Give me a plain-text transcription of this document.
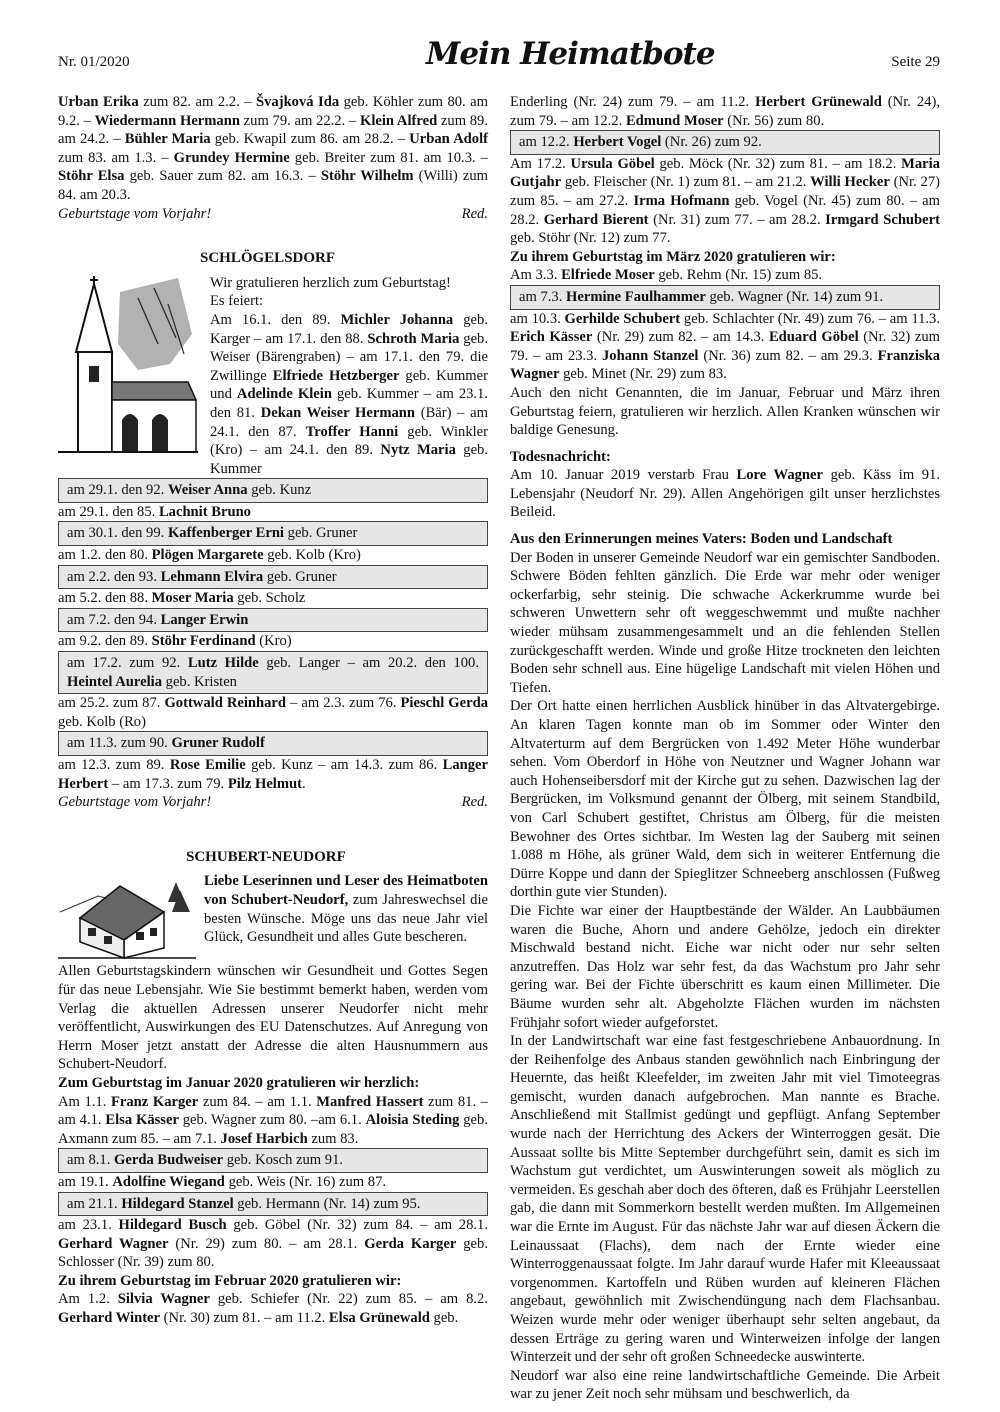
Nr. 01/2020	Mein Heimatbote	Seite 29

Urban Erika zum 82. am 2.2. – Švajková Ida geb. Köhler zum 80. am 9.2. – Wiedermann Hermann zum 79. am 22.2. – Klein Alfred zum 89. am 24.2. – Bühler Maria geb. Kwapil zum 86. am 28.2. – Urban Adolf zum 83. am 1.3. – Grundey Hermine geb. Breiter zum 81. am 10.3. – Stöhr Elsa geb. Sauer zum 82. am 16.3. – Stöhr Wilhelm (Willi) zum 84. am 20.3.

Geburtstage vom Vorjahr!	Red.
SCHLÖGELSDORF

Wir gratulieren herzlich zum Geburtstag!

Es feiert:

Am 16.1. den 89. Michler Johanna geb. Karger – am 17.1. den 88. Schroth Maria geb. Weiser (Bärengraben) – am 17.1. den 79. die Zwillinge Elfriede Hetzberger geb. Kummer und Adelinde Klein geb. Kummer – am 23.1. den 81. Dekan Weiser Hermann (Bär) – am 24.1. den 87. Troffer Hanni geb. Winkler (Kro) – am 24.1. den 89. Nytz Maria geb. Kummer

am 29.1. den 92. Weiser Anna geb. Kunz

am 29.1. den 85. Lachnit Bruno

am 30.1. den 99. Kaffenberger Erni geb. Gruner

am 1.2. den 80. Plögen Margarete geb. Kolb (Kro)

am 2.2. den 93. Lehmann Elvira geb. Gruner

am 5.2. den 88. Moser Maria geb. Scholz

am 7.2. den 94. Langer Erwin

am 9.2. den 89. Stöhr Ferdinand (Kro)

am 17.2. zum 92. Lutz Hilde geb. Langer – am 20.2. den 100. Heintel Aurelia geb. Kristen

am 25.2. zum 87. Gottwald Reinhard – am 2.3. zum 76. Pieschl Gerda geb. Kolb (Ro)

am 11.3. zum 90. Gruner Rudolf

am 12.3. zum 89. Rose Emilie geb. Kunz – am 14.3. zum 86. Langer Herbert – am 17.3. zum 79. Pilz Helmut.

Geburtstage vom Vorjahr!	Red.
SCHUBERT-NEUDORF

Liebe Leserinnen und Leser des Heimatboten von Schubert-Neudorf, zum Jahreswechsel die besten Wünsche. Möge uns das neue Jahr viel Glück, Gesundheit und alles Gute bescheren.

Allen Geburtstagskindern wünschen wir Gesundheit und Gottes Segen für das neue Lebensjahr. Wie Sie bestimmt bemerkt haben, werden vom Verlag die aktuellen Adressen unserer Neudorfer nicht mehr veröffentlicht, Auswirkungen des EU Datenschutzes. Auf Anregung von Herrn Moser jetzt anstatt der Adresse die alten Hausnummern aus Schubert-Neudorf.

Zum Geburtstag im Januar 2020 gratulieren wir herzlich:

Am 1.1. Franz Karger zum 84. – am 1.1. Manfred Hassert zum 81. – am 4.1. Elsa Kässer geb. Wagner zum 80. –am 6.1. Aloisia Steding geb. Axmann zum 85. – am 7.1. Josef Harbich zum 83.

am 8.1. Gerda Budweiser geb. Kosch zum 91.

am 19.1. Adolfine Wiegand geb. Weis (Nr. 16) zum 87.

am 21.1. Hildegard Stanzel geb. Hermann (Nr. 14) zum 95.

am 23.1. Hildegard Busch geb. Göbel (Nr. 32) zum 84. – am 28.1. Gerhard Wagner (Nr. 29) zum 80. – am 28.1. Gerda Karger geb. Schlosser (Nr. 39) zum 80.

Zu ihrem Geburtstag im Februar 2020 gratulieren wir:

Am 1.2. Silvia Wagner geb. Schiefer (Nr. 22) zum 85. – am 8.2. Gerhard Winter (Nr. 30) zum 81. – am 11.2. Elsa Grünewald geb.

Enderling (Nr. 24) zum 79. – am 11.2. Herbert Grünewald (Nr. 24), zum 79. – am 12.2. Edmund Moser (Nr. 56) zum 80.

am 12.2. Herbert Vogel (Nr. 26) zum 92.

Am 17.2. Ursula Göbel geb. Möck (Nr. 32) zum 81. – am 18.2. Maria Gutjahr geb. Fleischer (Nr. 1) zum 81. – am 21.2. Willi Hecker (Nr. 27) zum 85. – am 27.2. Irma Hofmann geb. Vogel (Nr. 45) zum 80. – am 28.2. Gerhard Bierent (Nr. 31) zum 77. – am 28.2. Irmgard Schubert geb. Stöhr (Nr. 12) zum 77.

Zu ihrem Geburtstag im März 2020 gratulieren wir:

Am 3.3. Elfriede Moser geb. Rehm (Nr. 15) zum 85.

am 7.3. Hermine Faulhammer geb. Wagner (Nr. 14) zum 91.

am 10.3. Gerhilde Schubert geb. Schlachter (Nr. 49) zum 76. – am 11.3. Erich Kässer (Nr. 29) zum 82. – am 14.3. Eduard Göbel (Nr. 32) zum 79. – am 23.3. Johann Stanzel (Nr. 36) zum 82. – am 29.3. Franziska Wagner geb. Minet (Nr. 29) zum 83.

Auch den nicht Genannten, die im Januar, Februar und März ihren Geburtstag feiern, gratulieren wir herzlich. Allen Kranken wünschen wir baldige Genesung.

Todesnachricht:

Am 10. Januar 2019 verstarb Frau Lore Wagner geb. Käss im 91. Lebensjahr (Neudorf Nr. 29). Allen Angehörigen gilt unser herzlichstes Beileid.

Aus den Erinnerungen meines Vaters: Boden und Landschaft

Der Boden in unserer Gemeinde Neudorf war ein gemischter Sandboden. Schwere Böden fehlten gänzlich. Die Erde war mehr oder weniger ockerfarbig, sehr steinig. Die schwache Ackerkrumme wurde bei schweren Unwettern sehr oft weggeschwemmt und mußte nachher wieder mühsam zusammengesammelt und an die fehlenden Stellen zurückgeschafft werden. Winde und große Hitze trockneten den leichten Boden sehr schnell aus. Eine hügelige Landschaft mit vielen Höhen und Tiefen.

Der Ort hatte einen herrlichen Ausblick hinüber in das Altvatergebirge. An klaren Tagen konnte man ob im Sommer oder Winter den Altvaterturm auf dem Bergrücken von 1.492 Meter Höhe wunderbar sehen. Vom Oberdorf in Höhe von Neutzner und Wagner Johann war auch Hohenseibersdorf mit der Kirche gut zu sehen. Dazwischen lag der Bergrücken, im Volksmund genannt der Ölberg, mit seinem Standbild, von Carl Schubert gestiftet, Christus am Ölberg, für die meisten Bewohner des Ortes sichtbar. Im Westen lag der Sauberg mit seinen 1.088 m Höhe, als grüner Wald, dem sich in weiterer Entfernung die Dürre Koppe und dann der Spieglitzer Schneeberg anschlossen (Fußweg dorthin gute vier Stunden).

Die Fichte war einer der Hauptbestände der Wälder. An Laubbäumen waren die Buche, Ahorn und andere Gehölze, jedoch ein direkter Mischwald bestand nicht. Eiche war nicht oder nur sehr selten anzutreffen. Das Holz war sehr fest, da das Wachstum pro Jahr sehr gering war. Bei der Fichte überschritt es kaum einen Millimeter. Die Bäume wurden sehr alt. Abgeholzte Flächen wurden im nächsten Frühjahr sofort wieder aufgeforstet.

In der Landwirtschaft war eine fast festgeschriebene Anbauordnung. In der Reihenfolge des Anbaus standen gewöhnlich nach Einbringung der Heuernte, das heißt Kleefelder, im zweiten Jahr mit viel Timoteegras gemischt, wurden danach aufgebrochen. Man nannte es Brache. Anschließend mit Stallmist gedüngt und gepflügt. Anfang September wurde nach der Herrichtung des Ackers der Winterroggen gesät. Die Aussaat sollte bis Mitte September durchgeführt sein, damit es sich im Wachstum gut verdichtet, um Auswinterungen soweit als möglich zu vermeiden. Es geschah aber doch des öfteren, daß es Frühjahr Leerstellen gab, die dann mit Sommerkorn bestellt werden mußten. Im Allgemeinen war die Ernte im August. Für das nächste Jahr war auf diesen Äckern die Leinaussaat (Flachs), dem nach der Ernte wieder eine Winterroggenaussaat folgte. Im Jahr darauf wurde Hafer mit Kleeaussaat vorgenommen. Kartoffeln und Rüben wurden auf kleineren Flächen angebaut, gewöhnlich mit Zwischendüngung nach dem Flachsanbau. Weizen wurde mehr oder weniger überhaupt sehr selten angebaut, da dessen Erträge zu gering waren und Winterweizen infolge der langen Winterzeit und der sehr oft großen Schneedecke auswinterte.

Neudorf war also eine reine landwirtschaftliche Gemeinde. Die Arbeit war zu jener Zeit noch sehr mühsam und beschwerlich, da
